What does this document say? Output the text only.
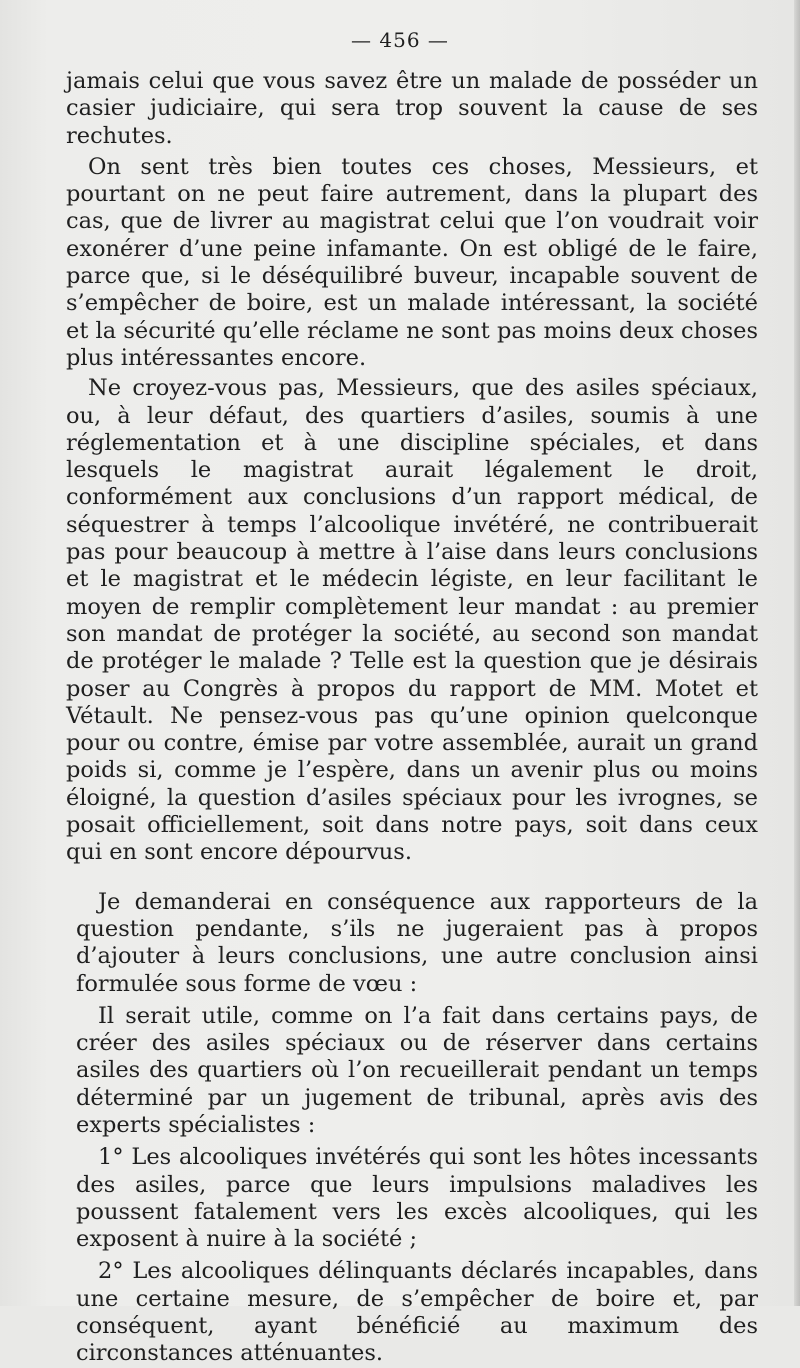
— 456 —

jamais celui que vous savez être un malade de posséder un casier judiciaire, qui sera trop souvent la cause de ses rechutes.

On sent très bien toutes ces choses, Messieurs, et pourtant on ne peut faire autrement, dans la plupart des cas, que de livrer au magistrat celui que l’on voudrait voir exonérer d’une peine infamante. On est obligé de le faire, parce que, si le déséquilibré buveur, incapable souvent de s’empêcher de boire, est un malade intéressant, la société et la sécurité qu’elle réclame ne sont pas moins deux choses plus intéressantes encore.

Ne croyez-vous pas, Messieurs, que des asiles spéciaux, ou, à leur défaut, des quartiers d’asiles, soumis à une réglementation et à une discipline spéciales, et dans lesquels le magistrat aurait légalement le droit, conformément aux conclusions d’un rapport médical, de séquestrer à temps l’alcoolique invétéré, ne contribuerait pas pour beaucoup à mettre à l’aise dans leurs conclusions et le magistrat et le médecin légiste, en leur facilitant le moyen de remplir complètement leur mandat : au premier son mandat de protéger la société, au second son mandat de protéger le malade ? Telle est la question que je désirais poser au Congrès à propos du rapport de MM. Motet et Vétault. Ne pensez-vous pas qu’une opinion quelconque pour ou contre, émise par votre assemblée, aurait un grand poids si, comme je l’espère, dans un avenir plus ou moins éloigné, la question d’asiles spéciaux pour les ivrognes, se posait officiellement, soit dans notre pays, soit dans ceux qui en sont encore dépourvus.

Je demanderai en conséquence aux rapporteurs de la question pendante, s’ils ne jugeraient pas à propos d’ajouter à leurs conclusions, une autre conclusion ainsi formulée sous forme de vœu :

Il serait utile, comme on l’a fait dans certains pays, de créer des asiles spéciaux ou de réserver dans certains asiles des quartiers où l’on recueillerait pendant un temps déterminé par un jugement de tribunal, après avis des experts spécialistes :

1° Les alcooliques invétérés qui sont les hôtes incessants des asiles, parce que leurs impulsions maladives les poussent fatalement vers les excès alcooliques, qui les exposent à nuire à la société ;

2° Les alcooliques délinquants déclarés incapables, dans une certaine mesure, de s’empêcher de boire et, par conséquent, ayant bénéficié au maximum des circonstances atténuantes.
